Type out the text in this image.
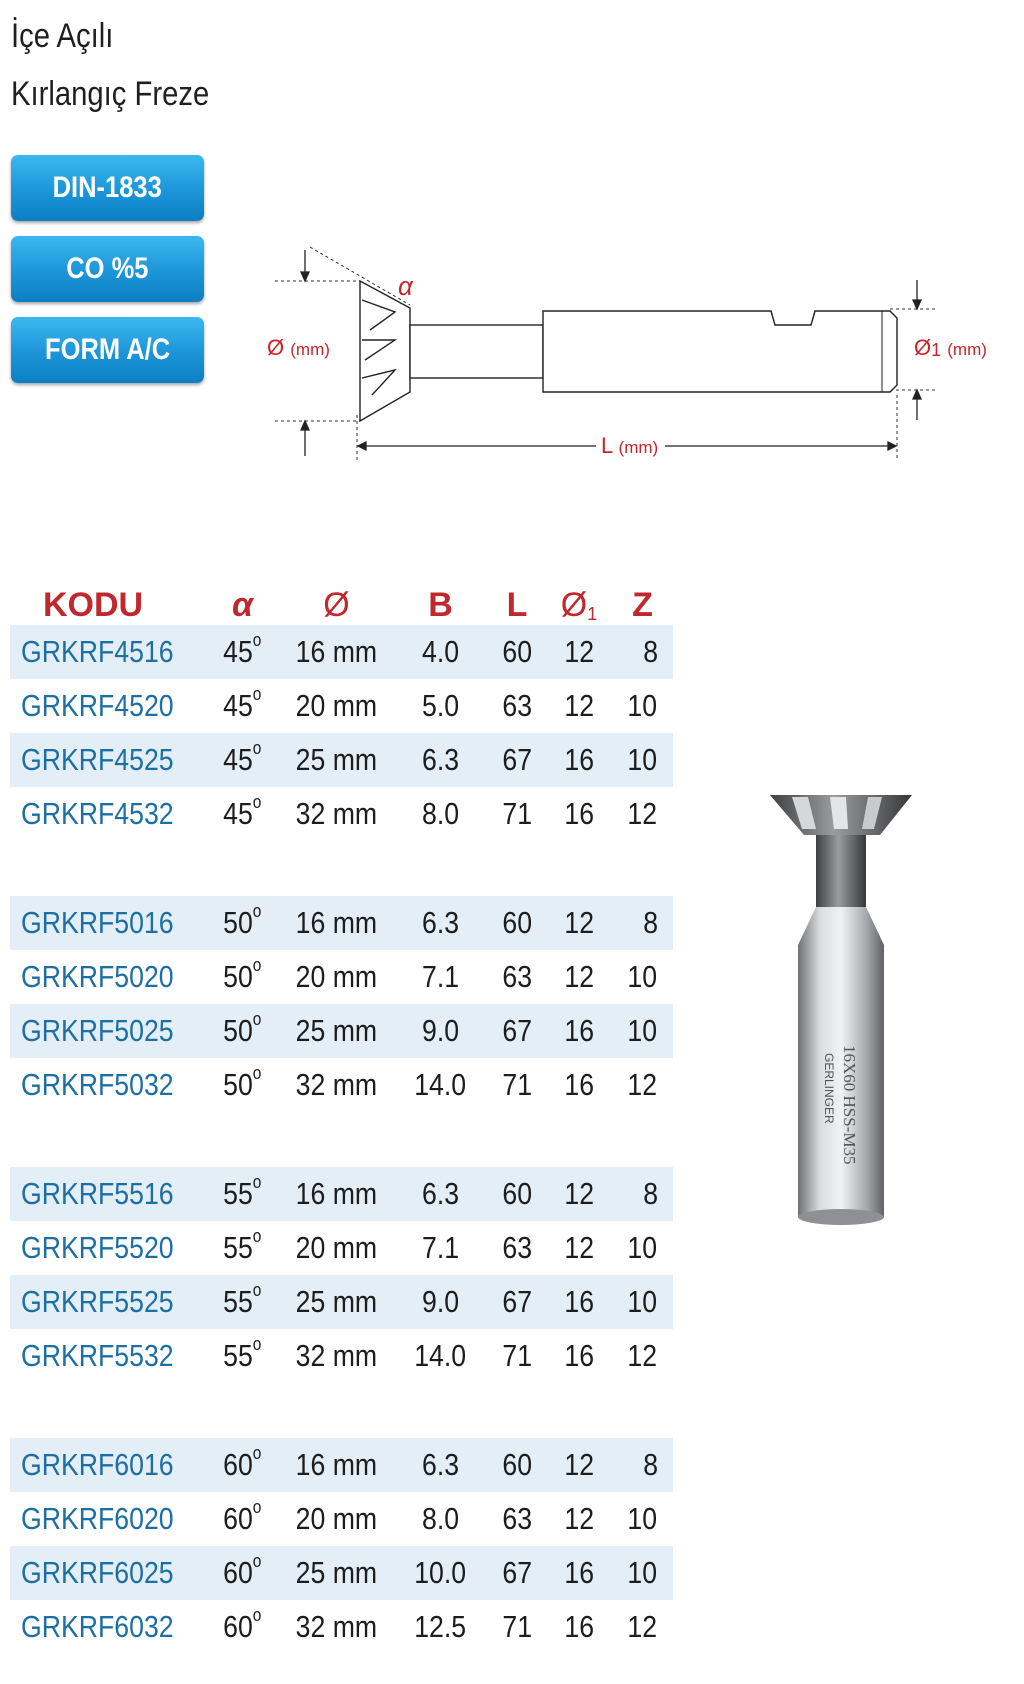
İçe Açılı
Kırlangıç Freze
DIN-1833
CO %5
FORM A/C
α
Ø (mm)	Ø1 (mm)
L (mm)
KODU	α	Ø	B	L	Ø1	Z
GRKRF4516	45$^o$	16 mm	4.0	60	12	8
GRKRF4520	45$^o$	20 mm	5.0	63	12	10
GRKRF4525	45$^o$	25 mm	6.3	67	16	10
GRKRF4532	45$^o$	32 mm	8.0	71	16	12

GRKRF5016	50$^o$	16 mm	6.3	60	12	8
GRKRF5020	50$^o$	20 mm	7.1	63	12	10
GRKRF5025	50$^o$	25 mm	9.0	67	16	10
GRKRF5032	50$^o$	32 mm	14.0	71	16	12

GRKRF5516	55$^o$	16 mm	6.3	60	12	8
GRKRF5520	55$^o$	20 mm	7.1	63	12	10
GRKRF5525	55$^o$	25 mm	9.0	67	16	10
GRKRF5532	55$^o$	32 mm	14.0	71	16	12

GRKRF6016	60$^o$	16 mm	6.3	60	12	8
GRKRF6020	60$^o$	20 mm	8.0	63	12	10
GRKRF6025	60$^o$	25 mm	10.0	67	16	10
GRKRF6032	60$^o$	32 mm	12.5	71	16	12
16X60 HSS-M35
GERLINGER
